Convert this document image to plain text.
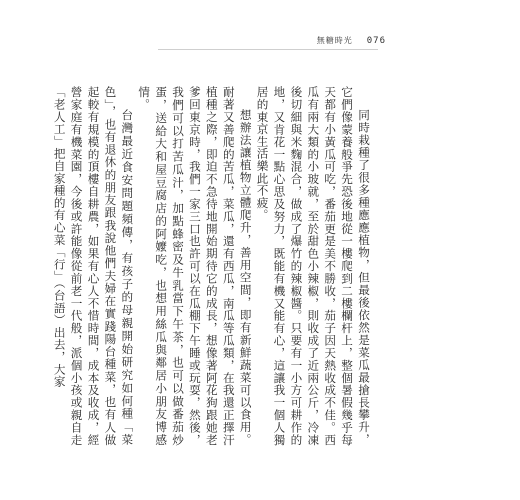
無糖時光 076

同時栽種了很多種應應植物，但最後依然是菜瓜最搶長攀升，它們像蒙養般爭先恐後地從一樓爬到二樓欄杆上，整個暑假幾乎每天都有小黃瓜可吃，番茄更是美不勝收，茄子因天熱收成不佳。西瓜有兩大類的小玻就，至於甜色小辣椒，則收成了近兩公斤，冷凍後切細與米麴混合，做成了爆竹的辣椒醬。只要有一小方可耕作的地，又肯花一點心思及努力，既能有機又能有心，這讓我一個人獨居的東京生活樂此不疲。

想辦法讓植物立體爬升，善用空間，即有新鮮蔬菜可以食用。耐著又善爬的苦瓜，菜瓜，還有西瓜，南瓜等瓜類，在我還正擇汗植種之際，即迫不急待地開始期待它的成長，想像著阿花狗跟她老爹回東京時，我們一家三口也許可以在瓜棚下午睡或玩耍，然後，我們可以打苦瓜汁，加點蜂密及牛乳當下午茶，也可以做番茄炒蛋，送給大和屋豆腐店的阿嬤吃，也想用絲瓜與鄰居小朋友博感情。

台灣最近食安問題頻傳，有孩子的母親開始研究如何種「菜色」，也有退休的朋友跟我說他們夫婦在實踐陽台種菜，也有人做起較有規模的頂樓自耕農，如果有心人不惜時間，成本及收成，經營家庭有機菜園，今後或許能像從前老一代般，派個小孩或親自走「老人工」把自家種的有心菜「行」（台語）出去，大家
